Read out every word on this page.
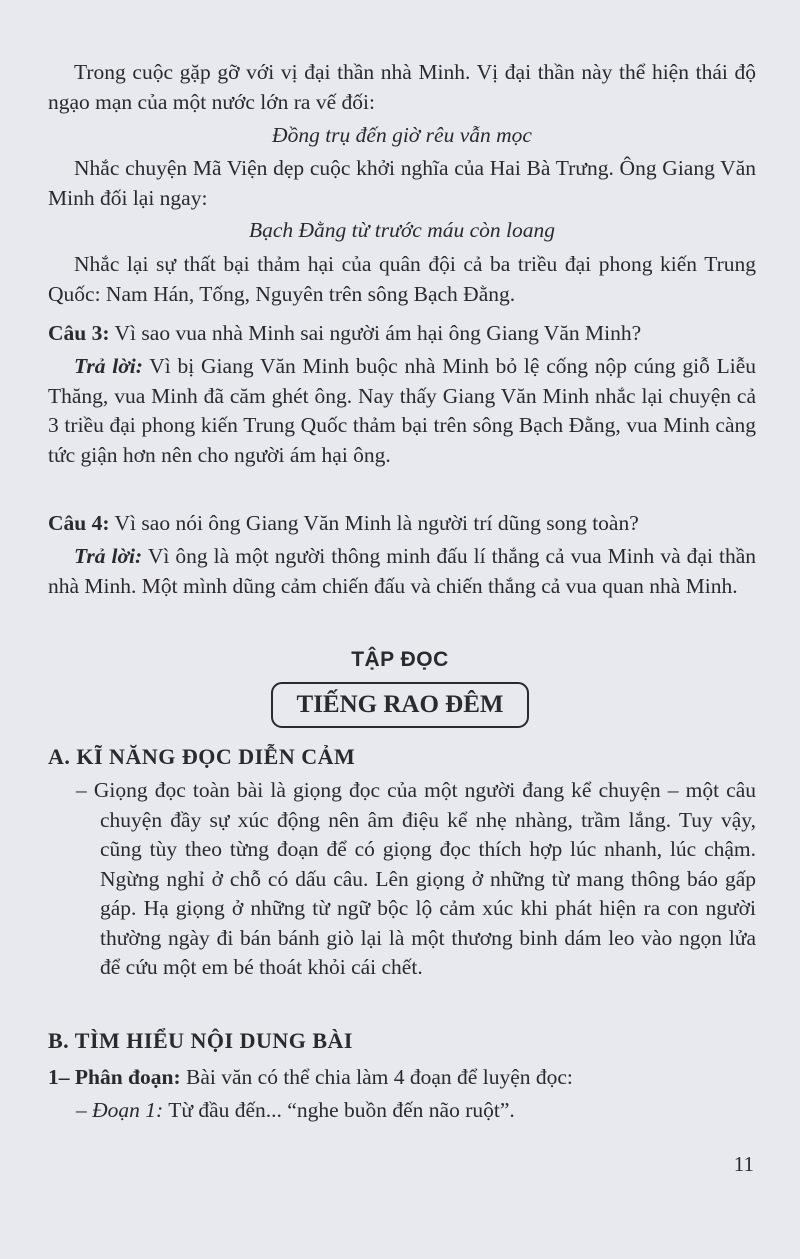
Trong cuộc gặp gỡ với vị đại thần nhà Minh. Vị đại thần này thể hiện thái độ ngạo mạn của một nước lớn ra vế đối:
Đồng trụ đến giờ rêu vẫn mọc
Nhắc chuyện Mã Viện dẹp cuộc khởi nghĩa của Hai Bà Trưng. Ông Giang Văn Minh đối lại ngay:
Bạch Đằng từ trước máu còn loang
Nhắc lại sự thất bại thảm hại của quân đội cả ba triều đại phong kiến Trung Quốc: Nam Hán, Tống, Nguyên trên sông Bạch Đằng.
Câu 3: Vì sao vua nhà Minh sai người ám hại ông Giang Văn Minh?
Trả lời: Vì bị Giang Văn Minh buộc nhà Minh bỏ lệ cống nộp cúng giỗ Liễu Thăng, vua Minh đã căm ghét ông. Nay thấy Giang Văn Minh nhắc lại chuyện cả 3 triều đại phong kiến Trung Quốc thảm bại trên sông Bạch Đằng, vua Minh càng tức giận hơn nên cho người ám hại ông.
Câu 4: Vì sao nói ông Giang Văn Minh là người trí dũng song toàn?
Trả lời: Vì ông là một người thông minh đấu lí thắng cả vua Minh và đại thần nhà Minh. Một mình dũng cảm chiến đấu và chiến thắng cả vua quan nhà Minh.
TẬP ĐỌC
TIẾNG RAO ĐÊM
A. KĨ NĂNG ĐỌC DIỄN CẢM
– Giọng đọc toàn bài là giọng đọc của một người đang kể chuyện – một câu chuyện đầy sự xúc động nên âm điệu kể nhẹ nhàng, trầm lắng. Tuy vậy, cũng tùy theo từng đoạn để có giọng đọc thích hợp lúc nhanh, lúc chậm. Ngừng nghỉ ở chỗ có dấu câu. Lên giọng ở những từ mang thông báo gấp gáp. Hạ giọng ở những từ ngữ bộc lộ cảm xúc khi phát hiện ra con người thường ngày đi bán bánh giò lại là một thương binh dám leo vào ngọn lửa để cứu một em bé thoát khỏi cái chết.
B. TÌM HIỂU NỘI DUNG BÀI
1– Phân đoạn: Bài văn có thể chia làm 4 đoạn để luyện đọc:
– Đoạn 1: Từ đầu đến... “nghe buồn đến não ruột”.
11
